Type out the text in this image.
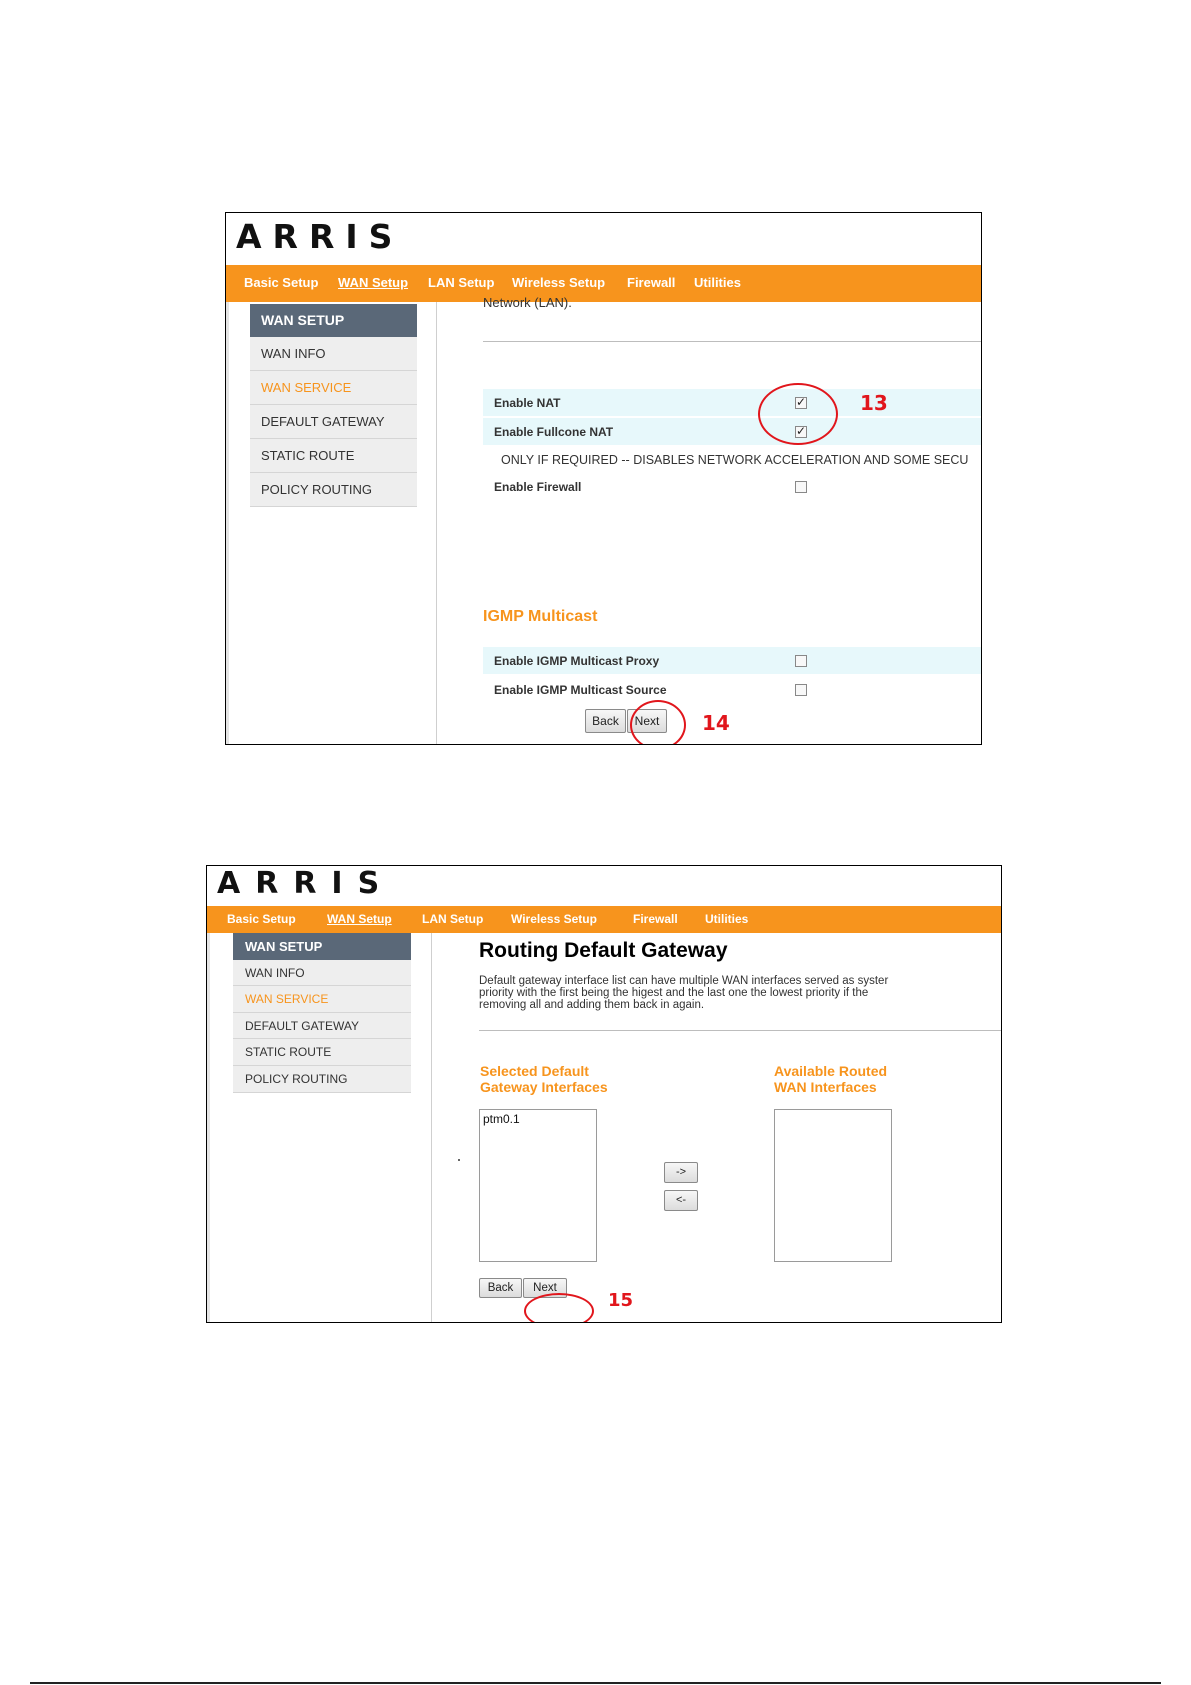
ARRIS
Basic Setup WAN Setup LAN Setup Wireless Setup Firewall Utilities
WAN SETUP
WAN INFO
WAN SERVICE
DEFAULT GATEWAY
STATIC ROUTE
POLICY ROUTING
Network (LAN).
Enable NAT
✓
Enable Fullcone NAT
✓
ONLY IF REQUIRED -- DISABLES NETWORK ACCELERATION AND SOME SECU
Enable Firewall
IGMP Multicast
Enable IGMP Multicast Proxy
Enable IGMP Multicast Source
Back	Next
13
14
ARRIS
Basic Setup	WAN Setup	LAN Setup Wireless Setup	Firewall Utilities
WAN SETUP
WAN INFO
WAN SERVICE
DEFAULT GATEWAY
STATIC ROUTE
POLICY ROUTING
Routing Default Gateway
Default gateway interface list can have multiple WAN interfaces served as syster
priority with the first being the higest and the last one the lowest priority if the
removing all and adding them back in again.
Selected Default
Gateway Interfaces
Available Routed
WAN Interfaces
ptm0.1
->
<-
Back	Next
15
